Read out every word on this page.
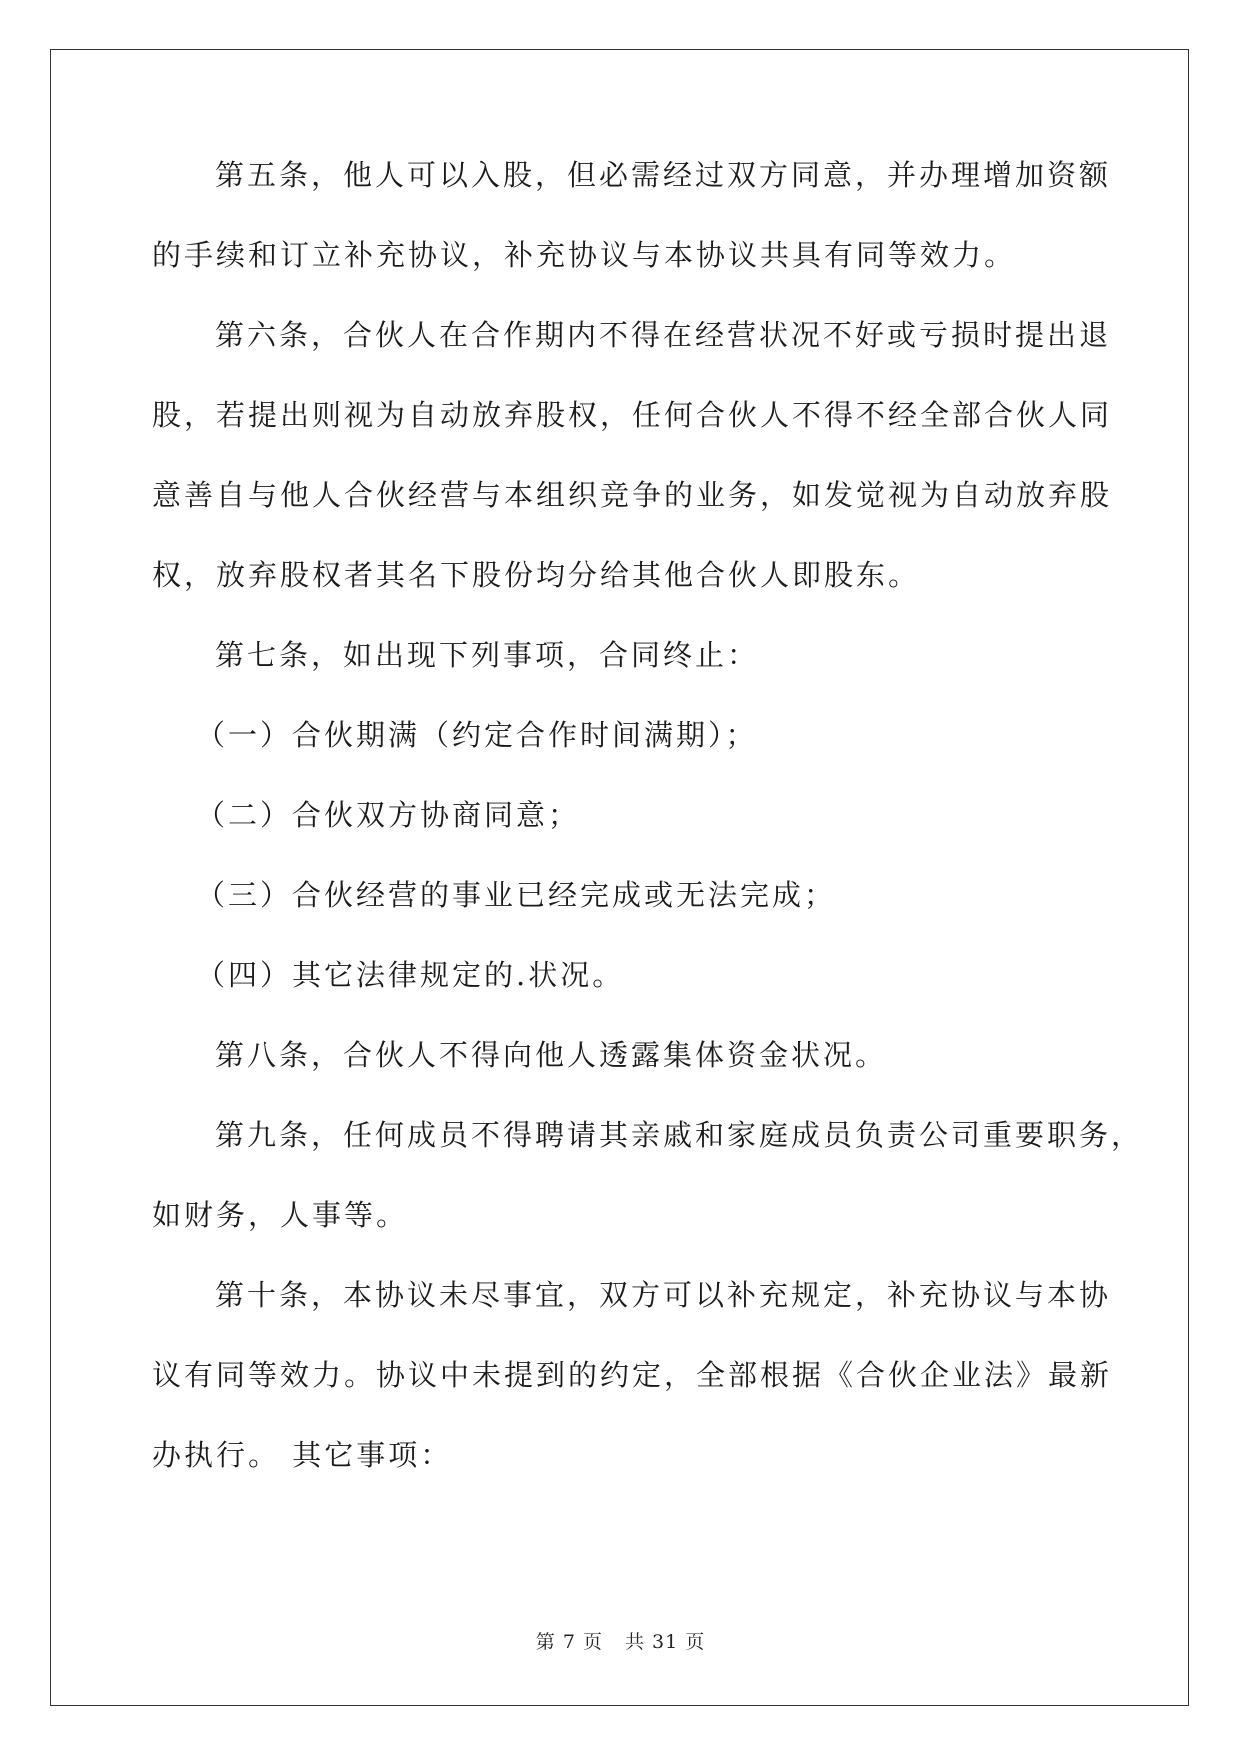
第五条，他人可以入股，但必需经过双方同意，并办理增加资额
的手续和订立补充协议，补充协议与本协议共具有同等效力。
第六条，合伙人在合作期内不得在经营状况不好或亏损时提出退
股，若提出则视为自动放弃股权，任何合伙人不得不经全部合伙人同
意善自与他人合伙经营与本组织竞争的业务，如发觉视为自动放弃股
权，放弃股权者其名下股份均分给其他合伙人即股东。
第七条，如出现下列事项，合同终止：
（一）合伙期满（约定合作时间满期）；
（二）合伙双方协商同意；
（三）合伙经营的事业已经完成或无法完成；
（四）其它法律规定的.状况。
第八条，合伙人不得向他人透露集体资金状况。
第九条，任何成员不得聘请其亲戚和家庭成员负责公司重要职务，
如财务，人事等。
第十条，本协议未尽事宜，双方可以补充规定，补充协议与本协
议有同等效力。协议中未提到的约定，全部根据《合伙企业法》最新
办执行。 其它事项：
第 7 页 共 31 页
